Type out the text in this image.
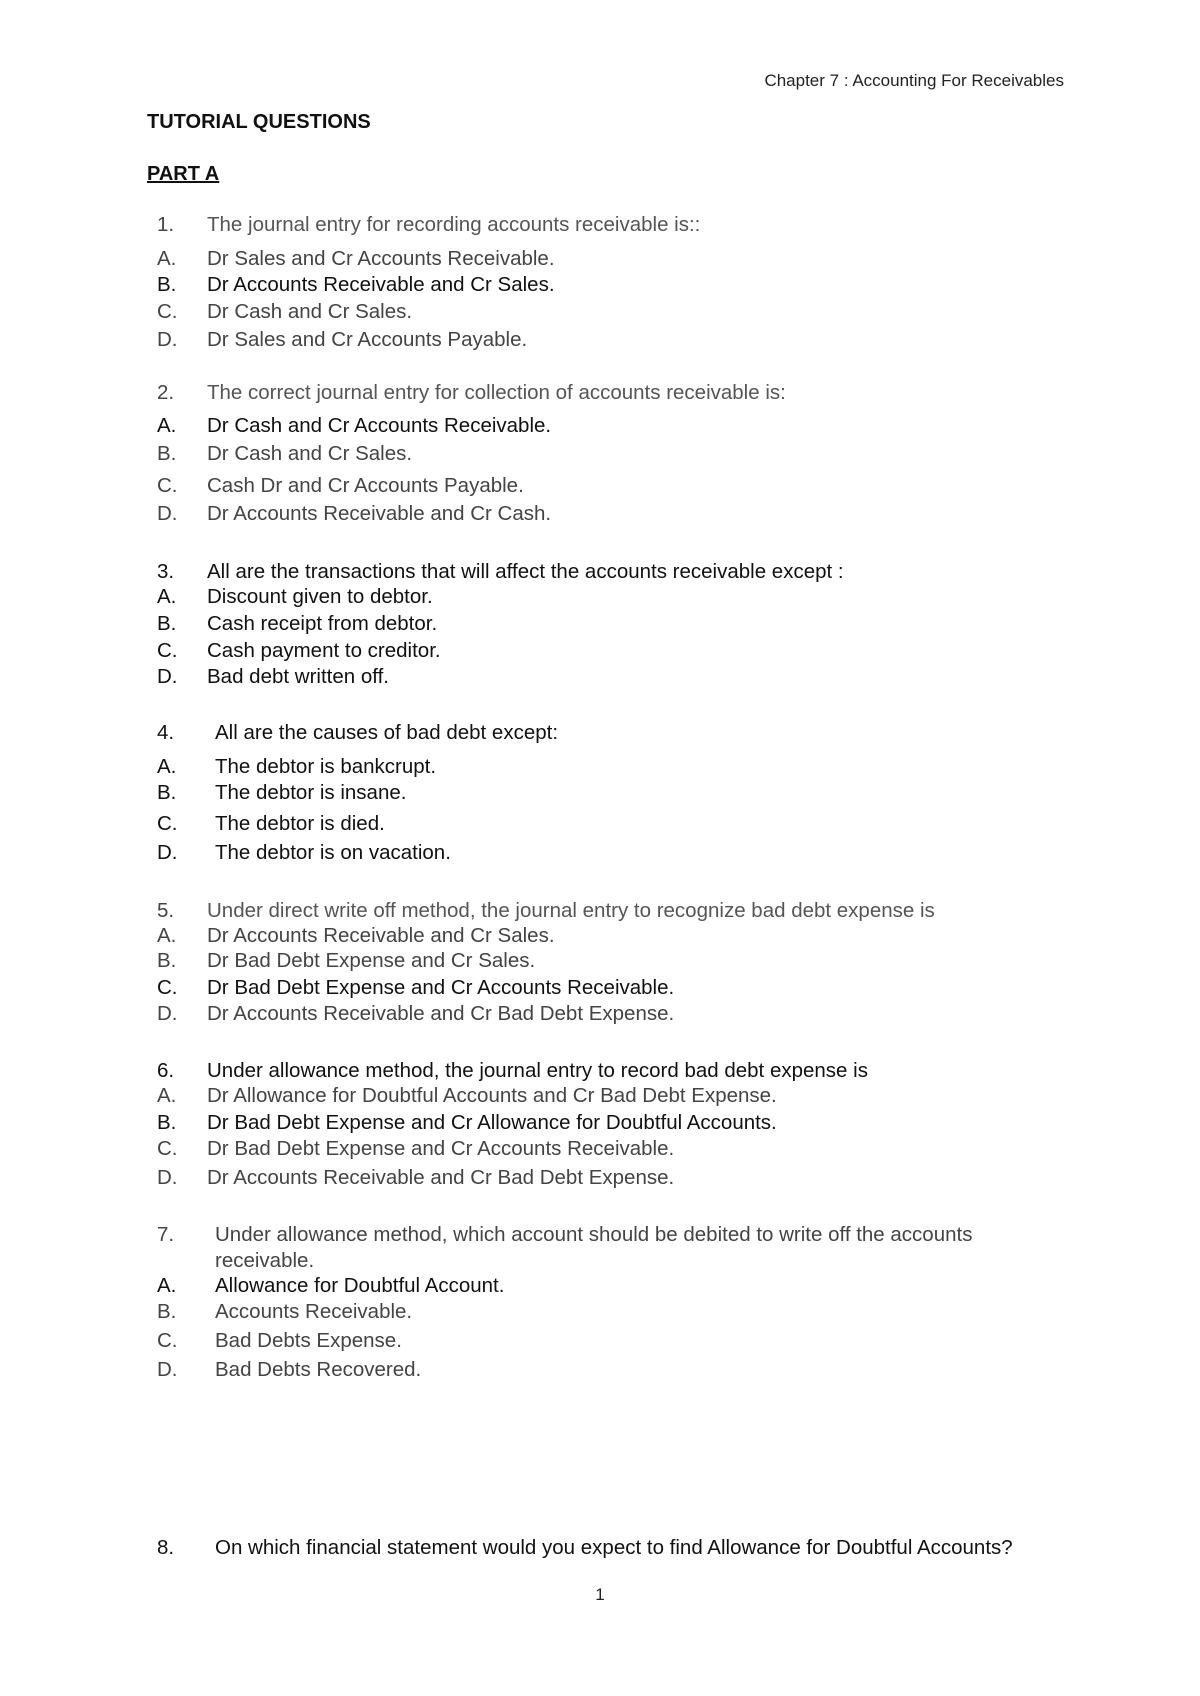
Chapter 7 : Accounting For Receivables
TUTORIAL QUESTIONS
PART A
1.	The journal entry for recording accounts receivable is::
A.	Dr Sales and Cr Accounts Receivable.
B.	Dr Accounts Receivable and Cr Sales.
C.	Dr Cash and Cr Sales.
D.	Dr Sales and Cr Accounts Payable.
2.	The correct journal entry for collection of accounts receivable is:
A.	Dr Cash and Cr Accounts Receivable.
B.	Dr Cash and Cr Sales.
C.	Cash Dr and Cr Accounts Payable.
D.	Dr Accounts Receivable and Cr Cash.
3.	All are the transactions that will affect the accounts receivable except :
A.	Discount given to debtor.
B.	Cash receipt from debtor.
C.	Cash payment to creditor.
D.	Bad debt written off.
4.	All are the causes of bad debt except:
A.	The debtor is bankcrupt.
B.	The debtor is insane.
C.	The debtor is died.
D.	The debtor is on vacation.
5.	Under direct write off method, the journal entry to recognize bad debt expense is
A.	Dr Accounts Receivable and Cr Sales.
B.	Dr Bad Debt Expense and Cr Sales.
C.	Dr Bad Debt Expense and Cr Accounts Receivable.
D.	Dr Accounts Receivable and Cr Bad Debt Expense.
6.	Under allowance method, the journal entry to record bad debt expense is
A.	Dr Allowance for Doubtful Accounts and Cr Bad Debt Expense.
B.	Dr Bad Debt Expense and Cr Allowance for Doubtful Accounts.
C.	Dr Bad Debt Expense and Cr Accounts Receivable.
D.	Dr Accounts Receivable and Cr Bad Debt Expense.
7.	Under allowance method, which account should be debited to write off the accounts
receivable.
A.	Allowance for Doubtful Account.
B.	Accounts Receivable.
C.	Bad Debts Expense.
D.	Bad Debts Recovered.
8.	On which financial statement would you expect to find Allowance for Doubtful Accounts?
1
